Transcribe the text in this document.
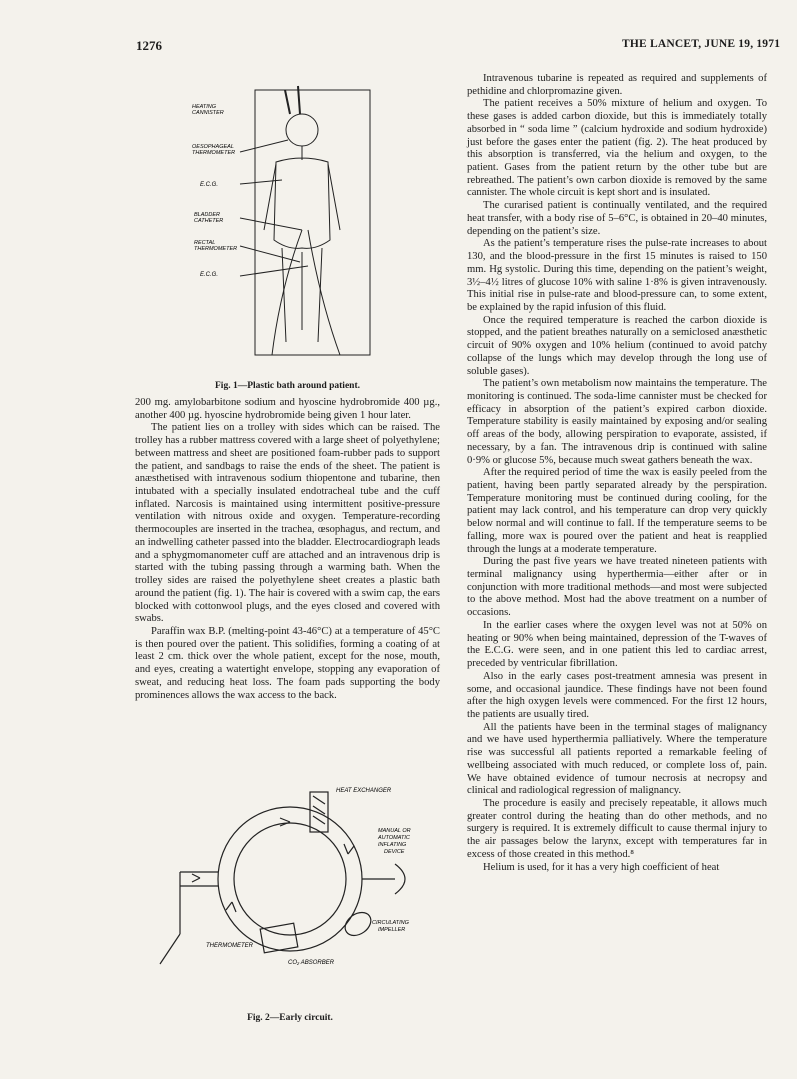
1276	THE LANCET, JUNE 19, 1971
HEATING
CANNISTER
OESOPHAGEAL
THERMOMETER
E.C.G.
BLADDER
CATHETER
RECTAL
THERMOMETER
E.C.G.
Fig. 1—Plastic bath around patient.

200 mg. amylobarbitone sodium and hyoscine hydrobromide 400 µg., another 400 µg. hyoscine hydrobromide being given 1 hour later.

The patient lies on a trolley with sides which can be raised. The trolley has a rubber mattress covered with a large sheet of polyethylene; between mattress and sheet are positioned foam-rubber pads to support the patient, and sandbags to raise the ends of the sheet. The patient is anæsthetised with intravenous sodium thiopentone and tubarine, then intubated with a specially insulated endotracheal tube and the cuff inflated. Narcosis is maintained using intermittent positive-pressure ventilation with nitrous oxide and oxygen. Temperature-recording thermocouples are inserted in the trachea, œsophagus, and rectum, and an indwelling catheter passed into the bladder. Electrocardiograph leads and a sphygmomanometer cuff are attached and an intravenous drip is started with the tubing passing through a warming bath. When the trolley sides are raised the polyethylene sheet creates a plastic bath around the patient (fig. 1). The hair is covered with a swim cap, the ears blocked with cottonwool plugs, and the eyes closed and covered with swabs.

Paraffin wax B.P. (melting-point 43-46°C) at a temperature of 45°C is then poured over the patient. This solidifies, forming a coating of at least 2 cm. thick over the whole patient, except for the nose, mouth, and eyes, creating a watertight envelope, stopping any evaporation of sweat, and reducing heat loss. The foam pads supporting the body prominences allows the wax access to the back.

HEAT EXCHANGER
MANUAL OR AUTOMATIC INFLATING DEVICE
CIRCULATING IMPELLER
THERMOMETER
CO₂ ABSORBER
Fig. 2—Early circuit.

Intravenous tubarine is repeated as required and supplements of pethidine and chlorpromazine given.

The patient receives a 50% mixture of helium and oxygen. To these gases is added carbon dioxide, but this is immediately totally absorbed in “ soda lime ” (calcium hydroxide and sodium hydroxide) just before the gases enter the patient (fig. 2). The heat produced by this absorption is transferred, via the helium and oxygen, to the patient. Gases from the patient return by the other tube but are rebreathed. The patient’s own carbon dioxide is removed by the same cannister. The whole circuit is kept short and is insulated.

The curarised patient is continually ventilated, and the required heat transfer, with a body rise of 5–6°C, is obtained in 20–40 minutes, depending on the patient’s size.

As the patient’s temperature rises the pulse-rate increases to about 130, and the blood-pressure in the first 15 minutes is raised to 150 mm. Hg systolic. During this time, depending on the patient’s weight, 3½–4½ litres of glucose 10% with saline 1·8% is given intravenously. This initial rise in pulse-rate and blood-pressure can, to some extent, be explained by the rapid infusion of this fluid.

Once the required temperature is reached the carbon dioxide is stopped, and the patient breathes naturally on a semiclosed anæsthetic circuit of 90% oxygen and 10% helium (continued to avoid patchy collapse of the lungs which may develop through the long use of soluble gases).

The patient’s own metabolism now maintains the temperature. The monitoring is continued. The soda-lime cannister must be checked for efficacy in absorption of the patient’s expired carbon dioxide. Temperature stability is easily maintained by exposing and/or sealing off areas of the body, allowing perspiration to evaporate, assisted, if necessary, by a fan. The intravenous drip is continued with saline 0·9% or glucose 5%, because much sweat gathers beneath the wax.

After the required period of time the wax is easily peeled from the patient, having been partly separated already by the perspiration. Temperature monitoring must be continued during cooling, for the patient may lack control, and his temperature can drop very quickly below normal and will continue to fall. If the temperature seems to be falling, more wax is poured over the patient and heat is reapplied through the lungs at a moderate temperature.

During the past five years we have treated nineteen patients with terminal malignancy using hyperthermia—either after or in conjunction with more traditional methods—and most were subjected to the above method. Most had the above treatment on a number of occasions.

In the earlier cases where the oxygen level was not at 50% on heating or 90% when being maintained, depression of the T-waves of the E.C.G. were seen, and in one patient this led to cardiac arrest, preceded by ventricular fibrillation.

Also in the early cases post-treatment amnesia was present in some, and occasional jaundice. These findings have not been found after the high oxygen levels were commenced. For the first 12 hours, the patients are usually tired.

All the patients have been in the terminal stages of malignancy and we have used hyperthermia palliatively. Where the temperature rise was successful all patients reported a remarkable feeling of wellbeing associated with much reduced, or complete loss of, pain. We have obtained evidence of tumour necrosis at necropsy and clinical and radiological regression of malignancy.

The procedure is easily and precisely repeatable, it allows much greater control during the heating than do other methods, and no surgery is required. It is extremely difficult to cause thermal injury to the air passages below the larynx, except with temperatures far in excess of those created in this method.⁸

Helium is used, for it has a very high coefficient of heat
